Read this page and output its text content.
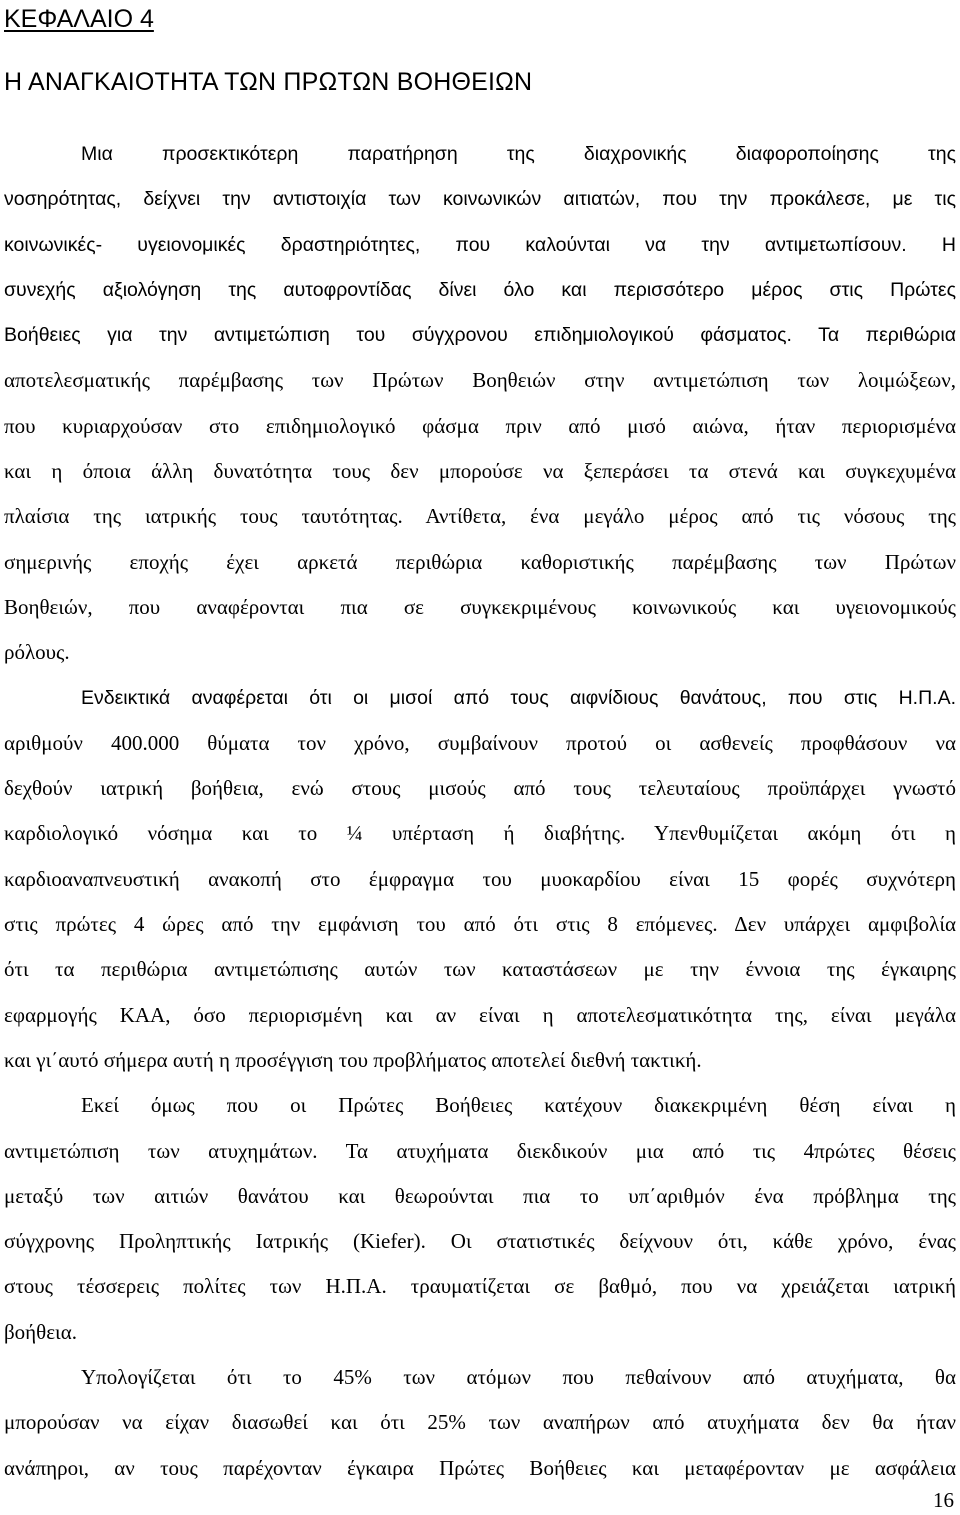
ΚΕΦΑΛΑΙΟ 4
Η ΑΝΑΓΚΑΙΟΤΗΤΑ ΤΩΝ ΠΡΩΤΩΝ ΒΟΗΘΕΙΩΝ
Μια προσεκτικότερη παρατήρηση της διαχρονικής διαφοροποίησης της
νοσηρότητας, δείχνει την αντιστοιχία των κοινωνικών αιτιατών, που την προκάλεσε, με τις
κοινωνικές- υγειονομικές δραστηριότητες, που καλούνται να την αντιμετωπίσουν. Η
συνεχής αξιολόγηση της αυτοφροντίδας δίνει όλο και περισσότερο μέρος στις Πρώτες
Βοήθειες για την αντιμετώπιση του σύγχρονου επιδημιολογικού φάσματος. Τα περιθώρια
αποτελεσματικής παρέμβασης των Πρώτων Βοηθειών στην αντιμετώπιση των λοιμώξεων,
που κυριαρχούσαν στο επιδημιολογικό φάσμα πριν από μισό αιώνα, ήταν περιορισμένα
και η όποια άλλη δυνατότητα τους δεν μπορούσε να ξεπεράσει τα στενά και συγκεχυμένα
πλαίσια της ιατρικής τους ταυτότητας. Αντίθετα, ένα μεγάλο μέρος από τις νόσους της
σημερινής εποχής έχει αρκετά περιθώρια καθοριστικής παρέμβασης των Πρώτων
Βοηθειών, που αναφέρονται πια σε συγκεκριμένους κοινωνικούς και υγειονομικούς
ρόλους.
Ενδεικτικά αναφέρεται ότι οι μισοί από τους αιφνίδιους θανάτους, που στις Η.Π.Α.
αριθμούν 400.000 θύματα τον χρόνο, συμβαίνουν προτού οι ασθενείς προφθάσουν να
δεχθούν ιατρική βοήθεια, ενώ στους μισούς από τους τελευταίους προϋπάρχει γνωστό
καρδιολογικό νόσημα και το ¼ υπέρταση ή διαβήτης. Υπενθυμίζεται ακόμη ότι η
καρδιοαναπνευστική ανακοπή στο έμφραγμα του μυοκαρδίου είναι 15 φορές συχνότερη
στις πρώτες 4 ώρες από την εμφάνιση του από ότι στις 8 επόμενες. Δεν υπάρχει αμφιβολία
ότι τα περιθώρια αντιμετώπισης αυτών των καταστάσεων με την έννοια της έγκαιρης
εφαρμογής ΚΑΑ, όσο περιορισμένη και αν είναι η αποτελεσματικότητα της, είναι μεγάλα
και γι΄αυτό σήμερα αυτή η προσέγγιση του προβλήματος αποτελεί διεθνή τακτική.
Εκεί όμως που οι Πρώτες Βοήθειες κατέχουν διακεκριμένη θέση είναι η
αντιμετώπιση των ατυχημάτων. Τα ατυχήματα διεκδικούν μια από τις 4πρώτες θέσεις
μεταξύ των αιτιών θανάτου και θεωρούνται πια το υπ΄αριθμόν ένα πρόβλημα της
σύγχρονης Προληπτικής Ιατρικής (Kiefer). Οι στατιστικές δείχνουν ότι, κάθε χρόνο, ένας
στους τέσσερεις πολίτες των Η.Π.Α. τραυματίζεται σε βαθμό, που να χρειάζεται ιατρική
βοήθεια.
Υπολογίζεται ότι το 45% των ατόμων που πεθαίνουν από ατυχήματα, θα
μπορούσαν να είχαν διασωθεί και ότι 25% των αναπήρων από ατυχήματα δεν θα ήταν
ανάπηροι, αν τους παρέχονταν έγκαιρα Πρώτες Βοήθειες και μεταφέρονταν με ασφάλεια
16
